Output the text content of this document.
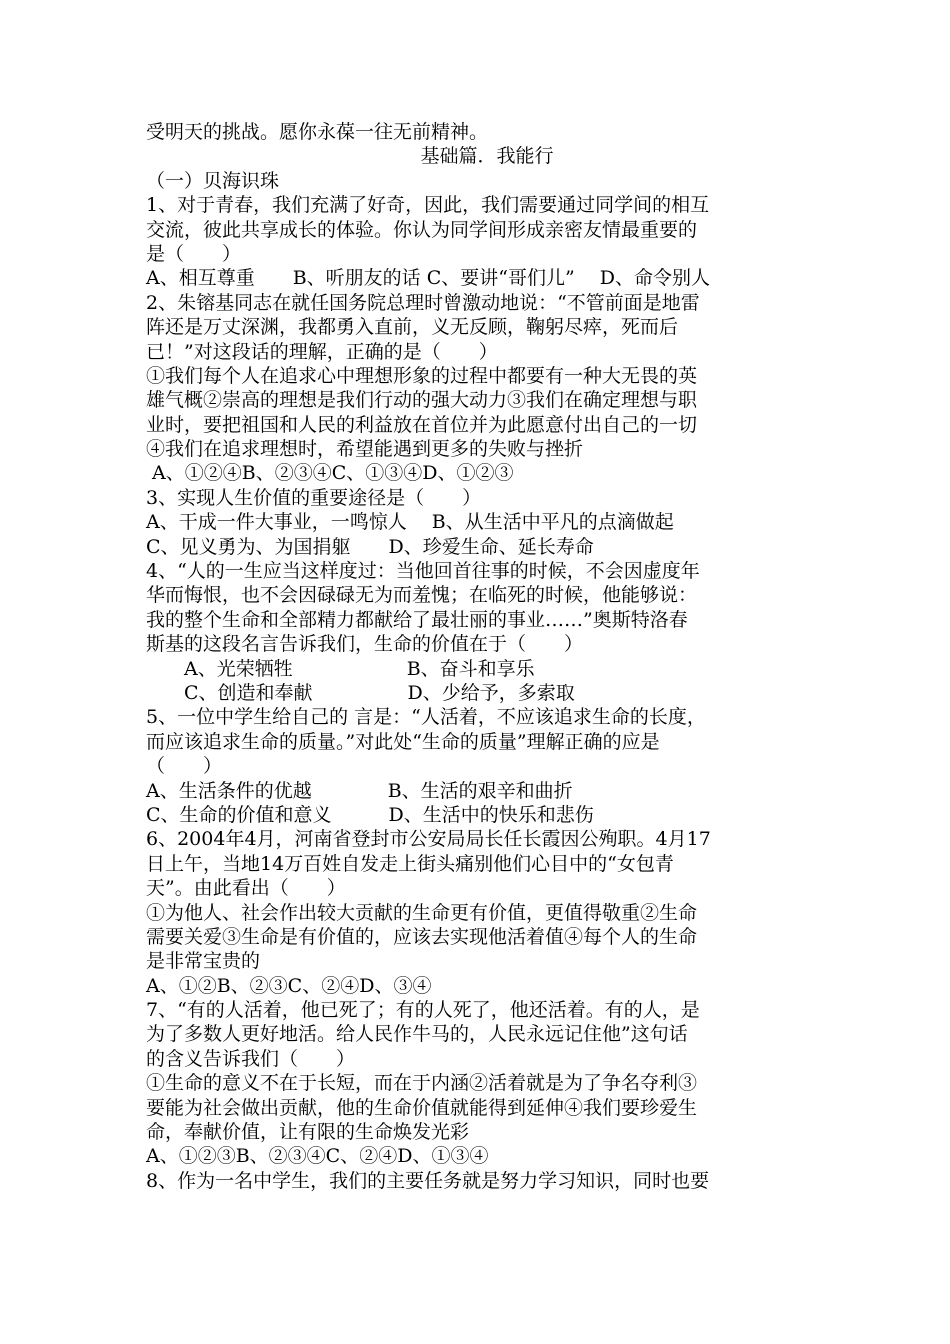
受明天的挑战。愿你永葆一往无前精神。
基础篇．我能行
（一）贝海识珠
1、对于青春，我们充满了好奇，因此，我们需要通过同学间的相互
交流，彼此共享成长的体验。你认为同学间形成亲密友情最重要的
是（　　）
A、相互尊重　　B、听朋友的话 C、要讲“哥们儿”　 D、命令别人
2、朱镕基同志在就任国务院总理时曾激动地说：“不管前面是地雷
阵还是万丈深渊，我都勇入直前，义无反顾，鞠躬尽瘁，死而后
已！”对这段话的理解，正确的是（　　）
①我们每个人在追求心中理想形象的过程中都要有一种大无畏的英
雄气概②崇高的理想是我们行动的强大动力③我们在确定理想与职
业时，要把祖国和人民的利益放在首位并为此愿意付出自己的一切
④我们在追求理想时，希望能遇到更多的失败与挫折
A、①②④B、②③④C、①③④D、①②③
3、实现人生价值的重要途径是（　　）
A、干成一件大事业，一鸣惊人　 B、从生活中平凡的点滴做起
C、见义勇为、为国捐躯　　D、珍爱生命、延长寿命
4、“人的一生应当这样度过：当他回首往事的时候，不会因虚度年
华而悔恨，也不会因碌碌无为而羞愧；在临死的时候，他能够说：
我的整个生命和全部精力都献给了最壮丽的事业……”奥斯特洛春
斯基的这段名言告诉我们，生命的价值在于（　　）
　　A、光荣牺牲　　　　　　B、奋斗和享乐
　　C、创造和奉献　　　　　D、少给予，多索取
5、一位中学生给自己的 言是：“人活着，不应该追求生命的长度，
而应该追求生命的质量。”对此处“生命的质量”理解正确的应是
（　　）
A、生活条件的优越　　　　B、生活的艰辛和曲折
C、生命的价值和意义　　　D、生活中的快乐和悲伤
6、2004年4月，河南省登封市公安局局长任长霞因公殉职。4月17
日上午，当地14万百姓自发走上街头痛别他们心目中的“女包青
天”。由此看出（　　）
①为他人、社会作出较大贡献的生命更有价值，更值得敬重②生命
需要关爱③生命是有价值的，应该去实现他活着值④每个人的生命
是非常宝贵的
A、①②B、②③C、②④D、③④
7、“有的人活着，他已死了；有的人死了，他还活着。有的人，是
为了多数人更好地活。给人民作牛马的，人民永远记住他”这句话
的含义告诉我们（　　）
①生命的意义不在于长短，而在于内涵②活着就是为了争名夺利③
要能为社会做出贡献，他的生命价值就能得到延伸④我们要珍爱生
命，奉献价值，让有限的生命焕发光彩
A、①②③B、②③④C、②④D、①③④
8、作为一名中学生，我们的主要任务就是努力学习知识，同时也要
